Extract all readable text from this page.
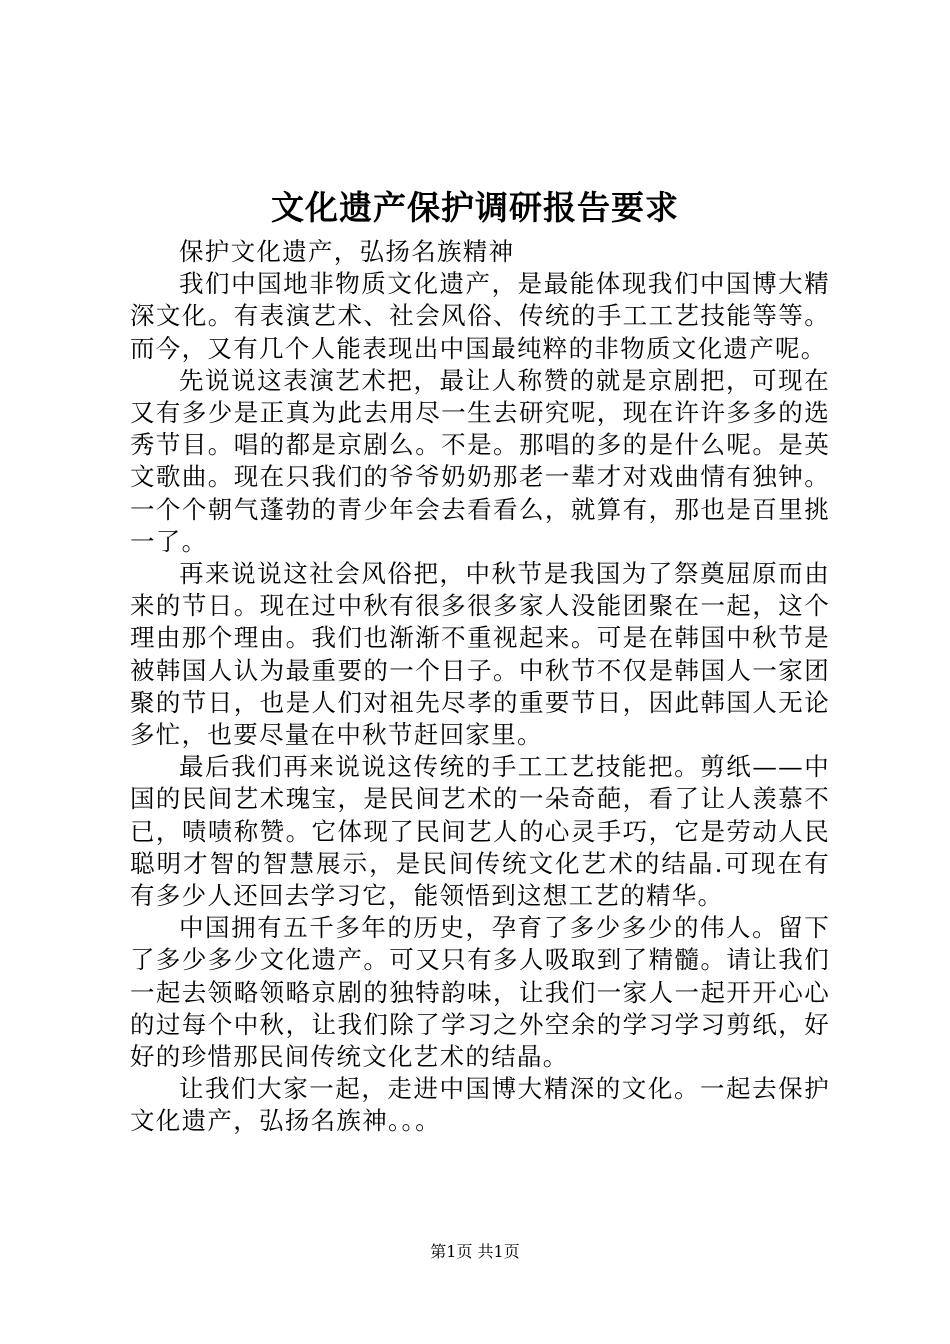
文化遗产保护调研报告要求

保护文化遗产，弘扬名族精神

我们中国地非物质文化遗产，是最能体现我们中国博大精深文化。有表演艺术、社会风俗、传统的手工工艺技能等等。而今，又有几个人能表现出中国最纯粹的非物质文化遗产呢。

先说说这表演艺术把，最让人称赞的就是京剧把，可现在又有多少是正真为此去用尽一生去研究呢，现在许许多多的选秀节目。唱的都是京剧么。不是。那唱的多的是什么呢。是英文歌曲。现在只我们的爷爷奶奶那老一辈才对戏曲情有独钟。一个个朝气蓬勃的青少年会去看看么，就算有，那也是百里挑一了。

再来说说这社会风俗把，中秋节是我国为了祭奠屈原而由来的节日。现在过中秋有很多很多家人没能团聚在一起，这个理由那个理由。我们也渐渐不重视起来。可是在韩国中秋节是被韩国人认为最重要的一个日子。中秋节不仅是韩国人一家团聚的节日，也是人们对祖先尽孝的重要节日，因此韩国人无论多忙，也要尽量在中秋节赶回家里。

最后我们再来说说这传统的手工工艺技能把。剪纸——中国的民间艺术瑰宝，是民间艺术的一朵奇葩，看了让人羡慕不已，啧啧称赞。它体现了民间艺人的心灵手巧，它是劳动人民聪明才智的智慧展示，是民间传统文化艺术的结晶.可现在有有多少人还回去学习它，能领悟到这想工艺的精华。

中国拥有五千多年的历史，孕育了多少多少的伟人。留下了多少多少文化遗产。可又只有多人吸取到了精髓。请让我们一起去领略领略京剧的独特韵味，让我们一家人一起开开心心的过每个中秋，让我们除了学习之外空余的学习学习剪纸，好好的珍惜那民间传统文化艺术的结晶。

让我们大家一起，走进中国博大精深的文化。一起去保护文化遗产，弘扬名族神。。。

第1页 共1页
